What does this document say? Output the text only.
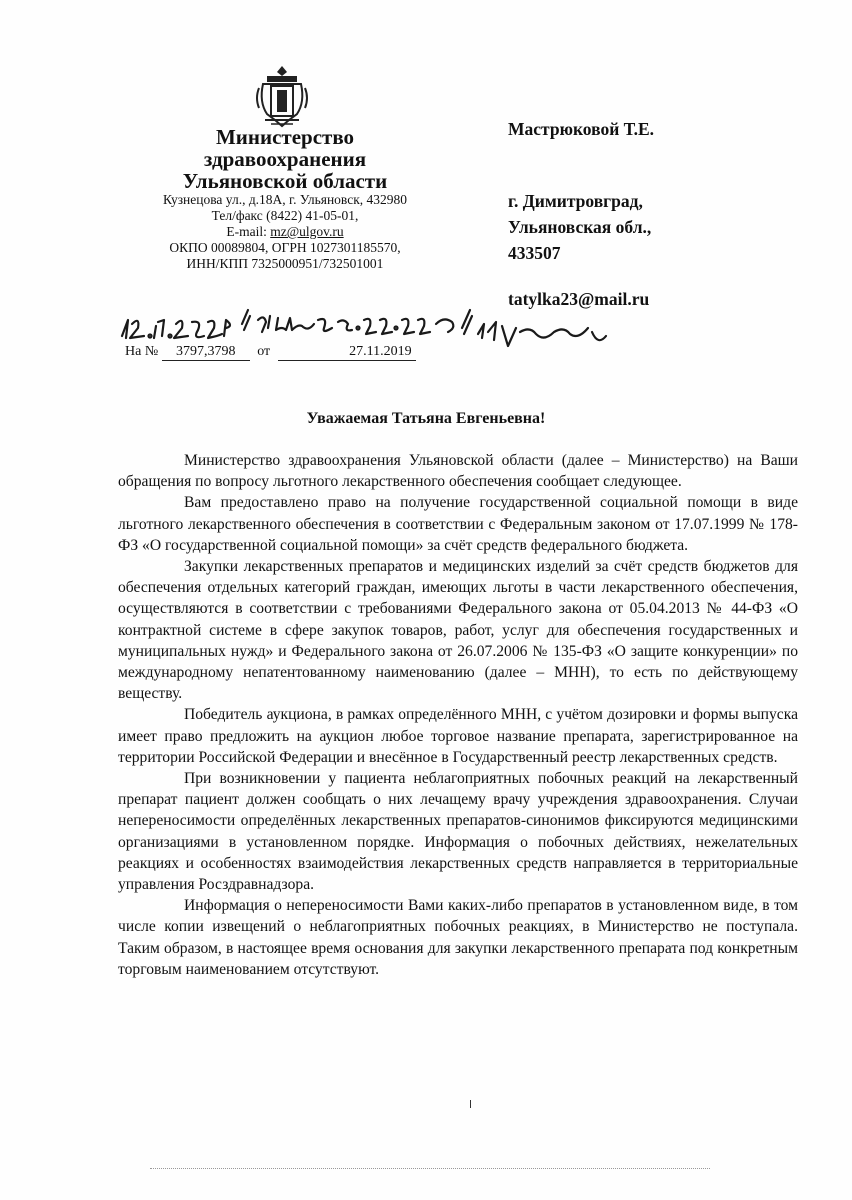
Министерство
здравоохранения
Ульяновской области
Кузнецова ул., д.18А, г. Ульяновск, 432980
Тел/факс (8422) 41-05-01,
E-mail: mz@ulgov.ru
ОКПО 00089804, ОГРН 1027301185570,
ИНН/КПП 7325000951/732501001
Мастрюковой Т.Е.
г. Димитровград,
Ульяновская обл.,
433507
tatylka23@mail.ru
На № 3797,3798 от	27.11.2019
Уважаемая Татьяна Евгеньевна!

Министерство здравоохранения Ульяновской области (далее – Министерство) на Ваши обращения по вопросу льготного лекарственного обеспечения сообщает следующее.

Вам предоставлено право на получение государственной социальной помощи в виде льготного лекарственного обеспечения в соответствии с Федеральным законом от 17.07.1999 № 178-ФЗ «О государственной социальной помощи» за счёт средств федерального бюджета.

Закупки лекарственных препаратов и медицинских изделий за счёт средств бюджетов для обеспечения отдельных категорий граждан, имеющих льготы в части лекарственного обеспечения, осуществляются в соответствии с требованиями Федерального закона от 05.04.2013 № 44-ФЗ «О контрактной системе в сфере закупок товаров, работ, услуг для обеспечения государственных и муниципальных нужд» и Федерального закона от 26.07.2006 № 135-ФЗ «О защите конкуренции» по международному непатентованному наименованию (далее – МНН), то есть по действующему веществу.

Победитель аукциона, в рамках определённого МНН, с учётом дозировки и формы выпуска имеет право предложить на аукцион любое торговое название препарата, зарегистрированное на территории Российской Федерации и внесённое в Государственный реестр лекарственных средств.

При возникновении у пациента неблагоприятных побочных реакций на лекарственный препарат пациент должен сообщать о них лечащему врачу учреждения здравоохранения. Случаи непереносимости определённых лекарственных препаратов-синонимов фиксируются медицинскими организациями в установленном порядке. Информация о побочных действиях, нежелательных реакциях и особенностях взаимодействия лекарственных средств направляется в территориальные управления Росздравнадзора.

Информация о непереносимости Вами каких-либо препаратов в установленном виде, в том числе копии извещений о неблагоприятных побочных реакциях, в Министерство не поступала. Таким образом, в настоящее время основания для закупки лекарственного препарата под конкретным торговым наименованием отсутствуют.
